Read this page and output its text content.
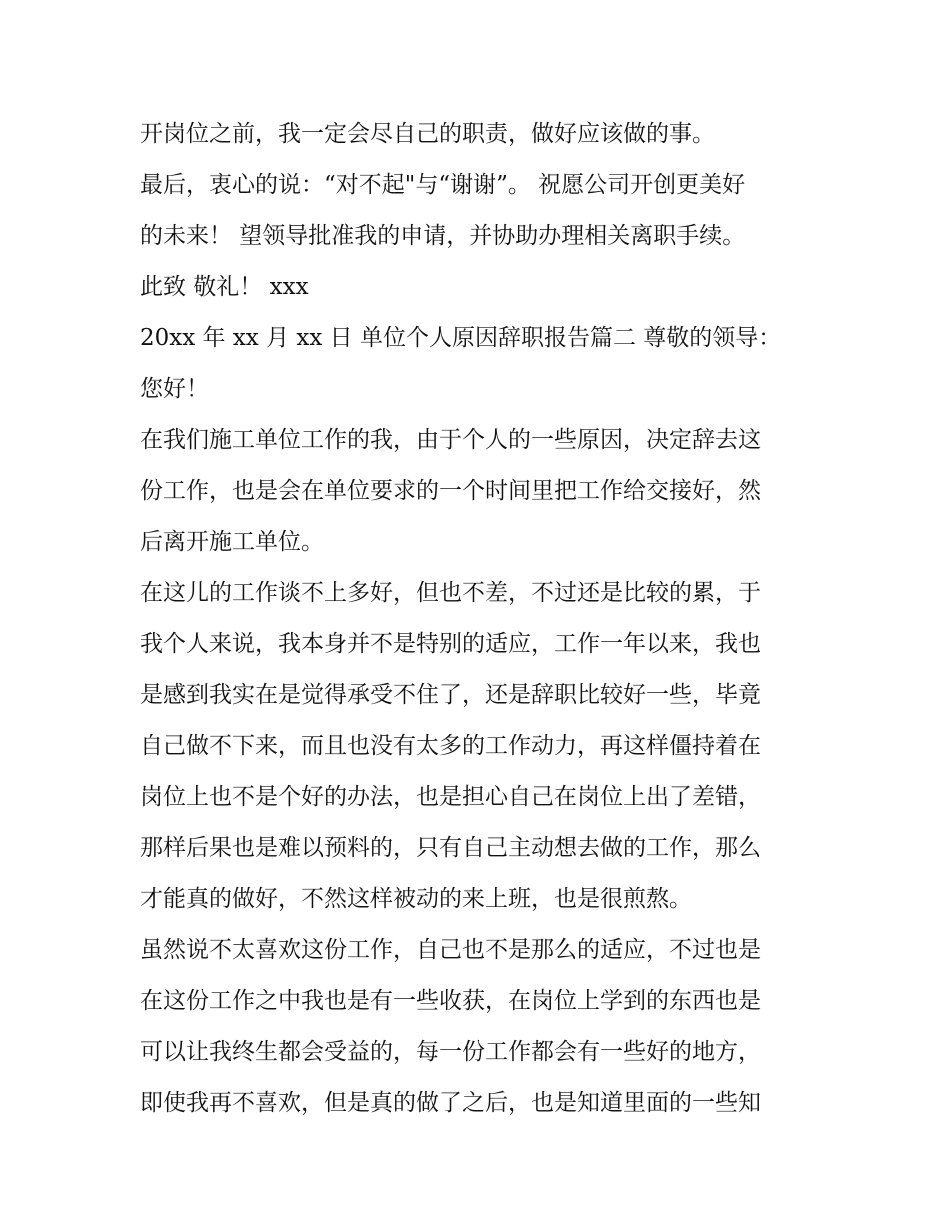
开岗位之前，我一定会尽自己的职责，做好应该做的事。
最后，衷心的说：“对不起"与“谢谢”。 祝愿公司开创更美好
的未来！ 望领导批准我的申请，并协助办理相关离职手续。
此致 敬礼！ xxx
20xx 年 xx 月 xx 日 单位个人原因辞职报告篇二 尊敬的领导：
您好！
在我们施工单位工作的我，由于个人的一些原因，决定辞去这
份工作，也是会在单位要求的一个时间里把工作给交接好，然
后离开施工单位。
在这儿的工作谈不上多好，但也不差，不过还是比较的累，于
我个人来说，我本身并不是特别的适应，工作一年以来，我也
是感到我实在是觉得承受不住了，还是辞职比较好一些，毕竟
自己做不下来，而且也没有太多的工作动力，再这样僵持着在
岗位上也不是个好的办法，也是担心自己在岗位上出了差错，
那样后果也是难以预料的，只有自己主动想去做的工作，那么
才能真的做好，不然这样被动的来上班，也是很煎熬。
虽然说不太喜欢这份工作，自己也不是那么的适应，不过也是
在这份工作之中我也是有一些收获，在岗位上学到的东西也是
可以让我终生都会受益的，每一份工作都会有一些好的地方，
即使我再不喜欢，但是真的做了之后，也是知道里面的一些知
